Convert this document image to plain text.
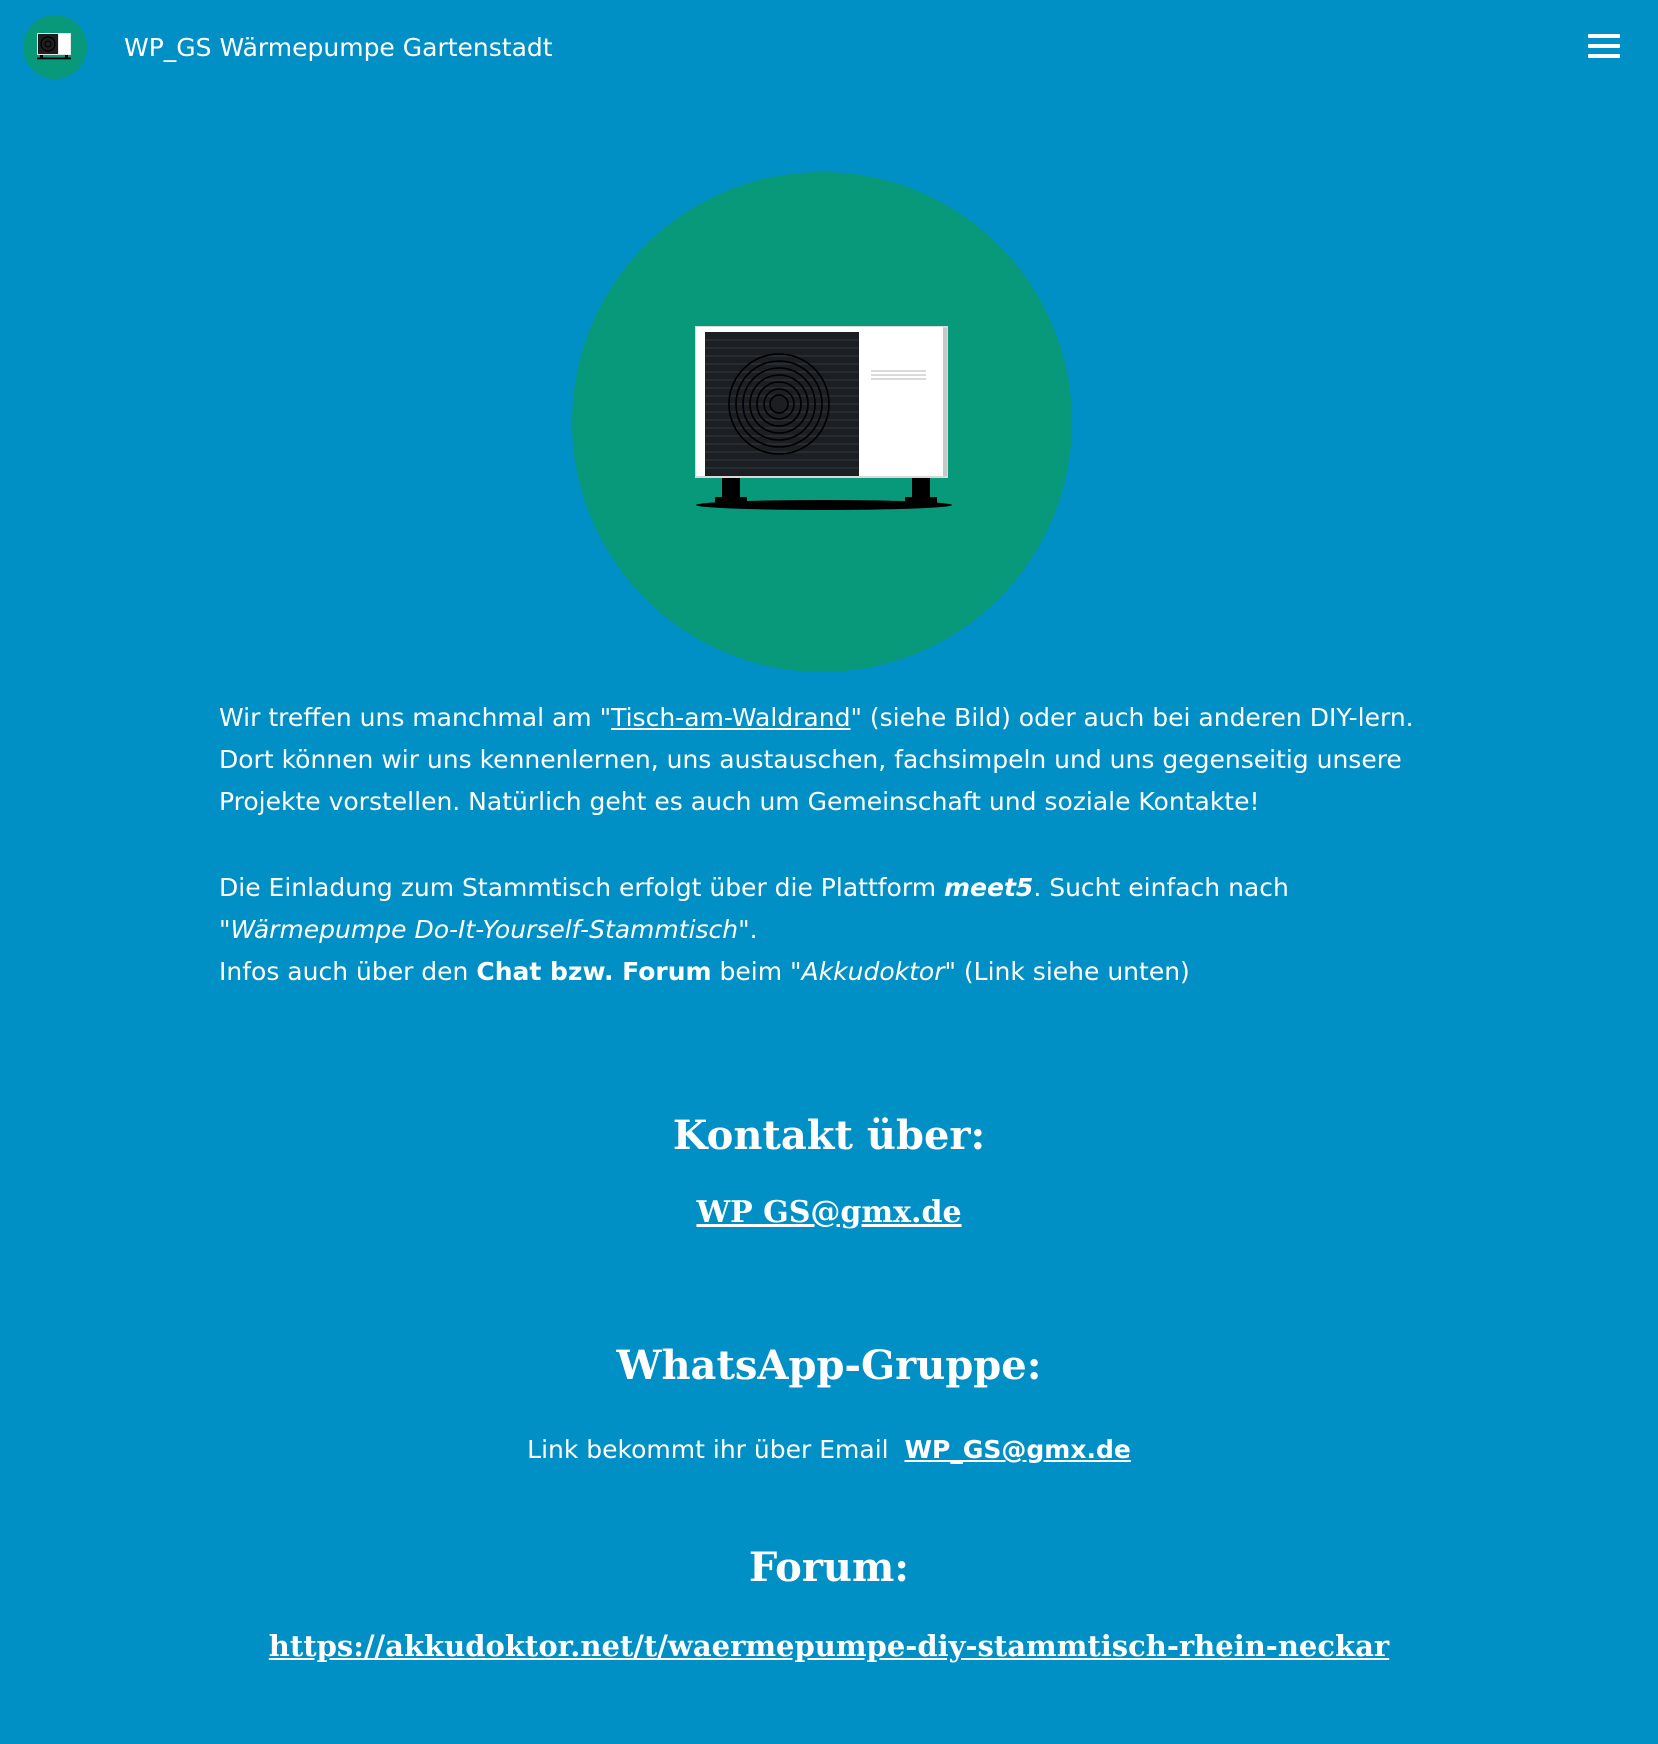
WP_GS Wärmepumpe Gartenstadt

Wir treffen uns manchmal am "Tisch-am-Waldrand" (siehe Bild) oder auch bei anderen DIY-lern. Dort können wir uns kennenlernen, uns austauschen, fachsimpeln und uns gegenseitig unsere Projekte vorstellen. Natürlich geht es auch um Gemeinschaft und soziale Kontakte!

Die Einladung zum Stammtisch erfolgt über die Plattform meet5. Sucht einfach nach "Wärmepumpe Do-It-Yourself-Stammtisch".
Infos auch über den Chat bzw. Forum beim "Akkudoktor" (Link siehe unten)

Kontakt über:
WP GS@gmx.de
WhatsApp-Gruppe:
Link bekommt ihr über Email  WP_GS@gmx.de
Forum:
https://akkudoktor.net/t/waermepumpe-diy-stammtisch-rhein-neckar
